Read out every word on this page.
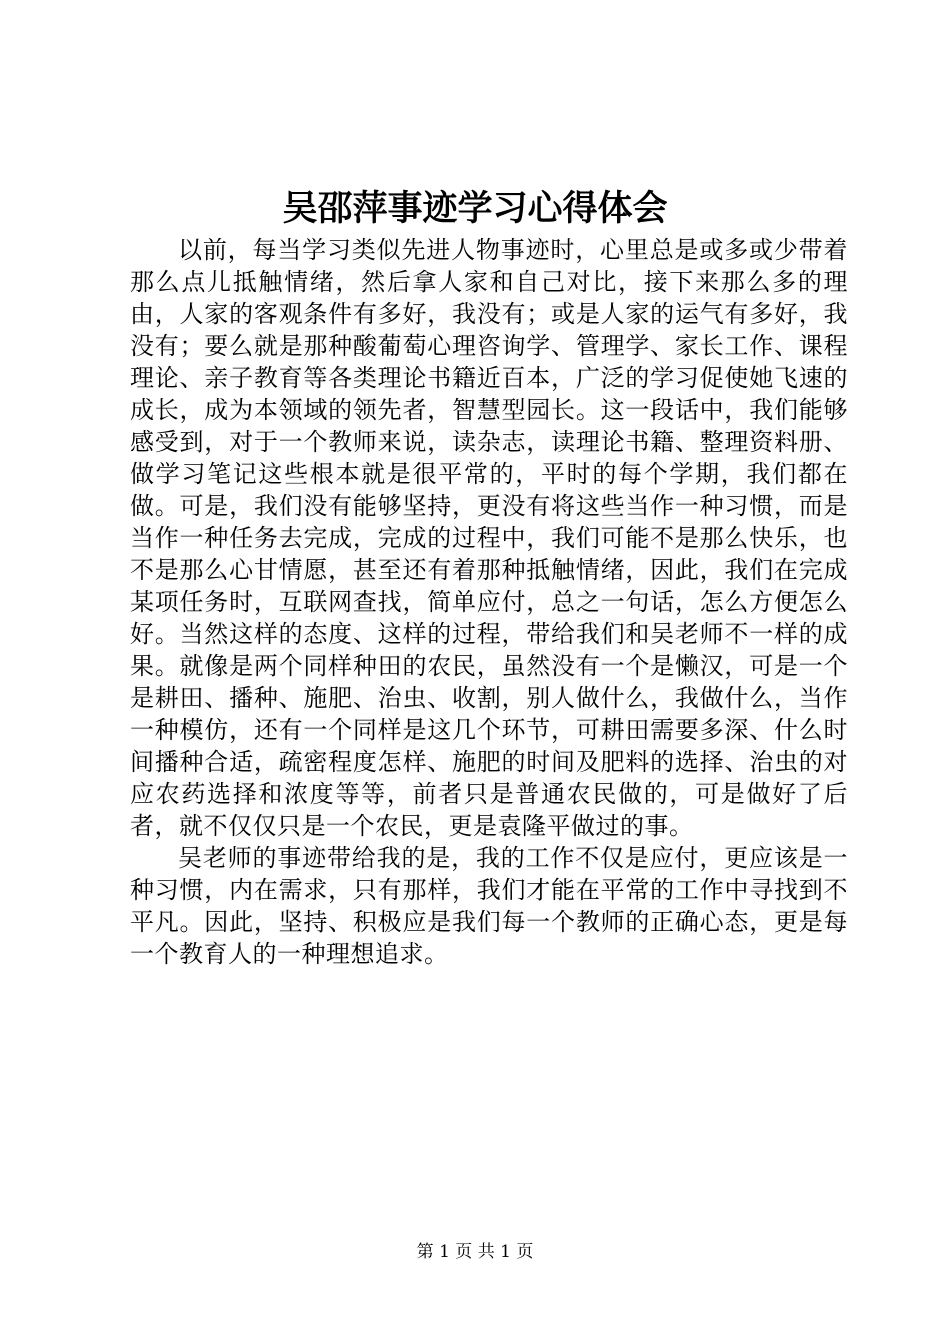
吴邵萍事迹学习心得体会

以前，每当学习类似先进人物事迹时，心里总是或多或少带着那么点儿抵触情绪，然后拿人家和自己对比，接下来那么多的理由，人家的客观条件有多好，我没有；或是人家的运气有多好，我没有；要么就是那种酸葡萄心理咨询学、管理学、家长工作、课程理论、亲子教育等各类理论书籍近百本，广泛的学习促使她飞速的成长，成为本领域的领先者，智慧型园长。这一段话中，我们能够感受到，对于一个教师来说，读杂志，读理论书籍、整理资料册、做学习笔记这些根本就是很平常的，平时的每个学期，我们都在做。可是，我们没有能够坚持，更没有将这些当作一种习惯，而是当作一种任务去完成，完成的过程中，我们可能不是那么快乐，也不是那么心甘情愿，甚至还有着那种抵触情绪，因此，我们在完成某项任务时，互联网查找，简单应付，总之一句话，怎么方便怎么好。当然这样的态度、这样的过程，带给我们和吴老师不一样的成果。就像是两个同样种田的农民，虽然没有一个是懒汉，可是一个是耕田、播种、施肥、治虫、收割，别人做什么，我做什么，当作一种模仿，还有一个同样是这几个环节，可耕田需要多深、什么时间播种合适，疏密程度怎样、施肥的时间及肥料的选择、治虫的对应农药选择和浓度等等，前者只是普通农民做的，可是做好了后者，就不仅仅只是一个农民，更是袁隆平做过的事。

吴老师的事迹带给我的是，我的工作不仅是应付，更应该是一种习惯，内在需求，只有那样，我们才能在平常的工作中寻找到不平凡。因此，坚持、积极应是我们每一个教师的正确心态，更是每一个教育人的一种理想追求。

第 1 页 共 1 页
